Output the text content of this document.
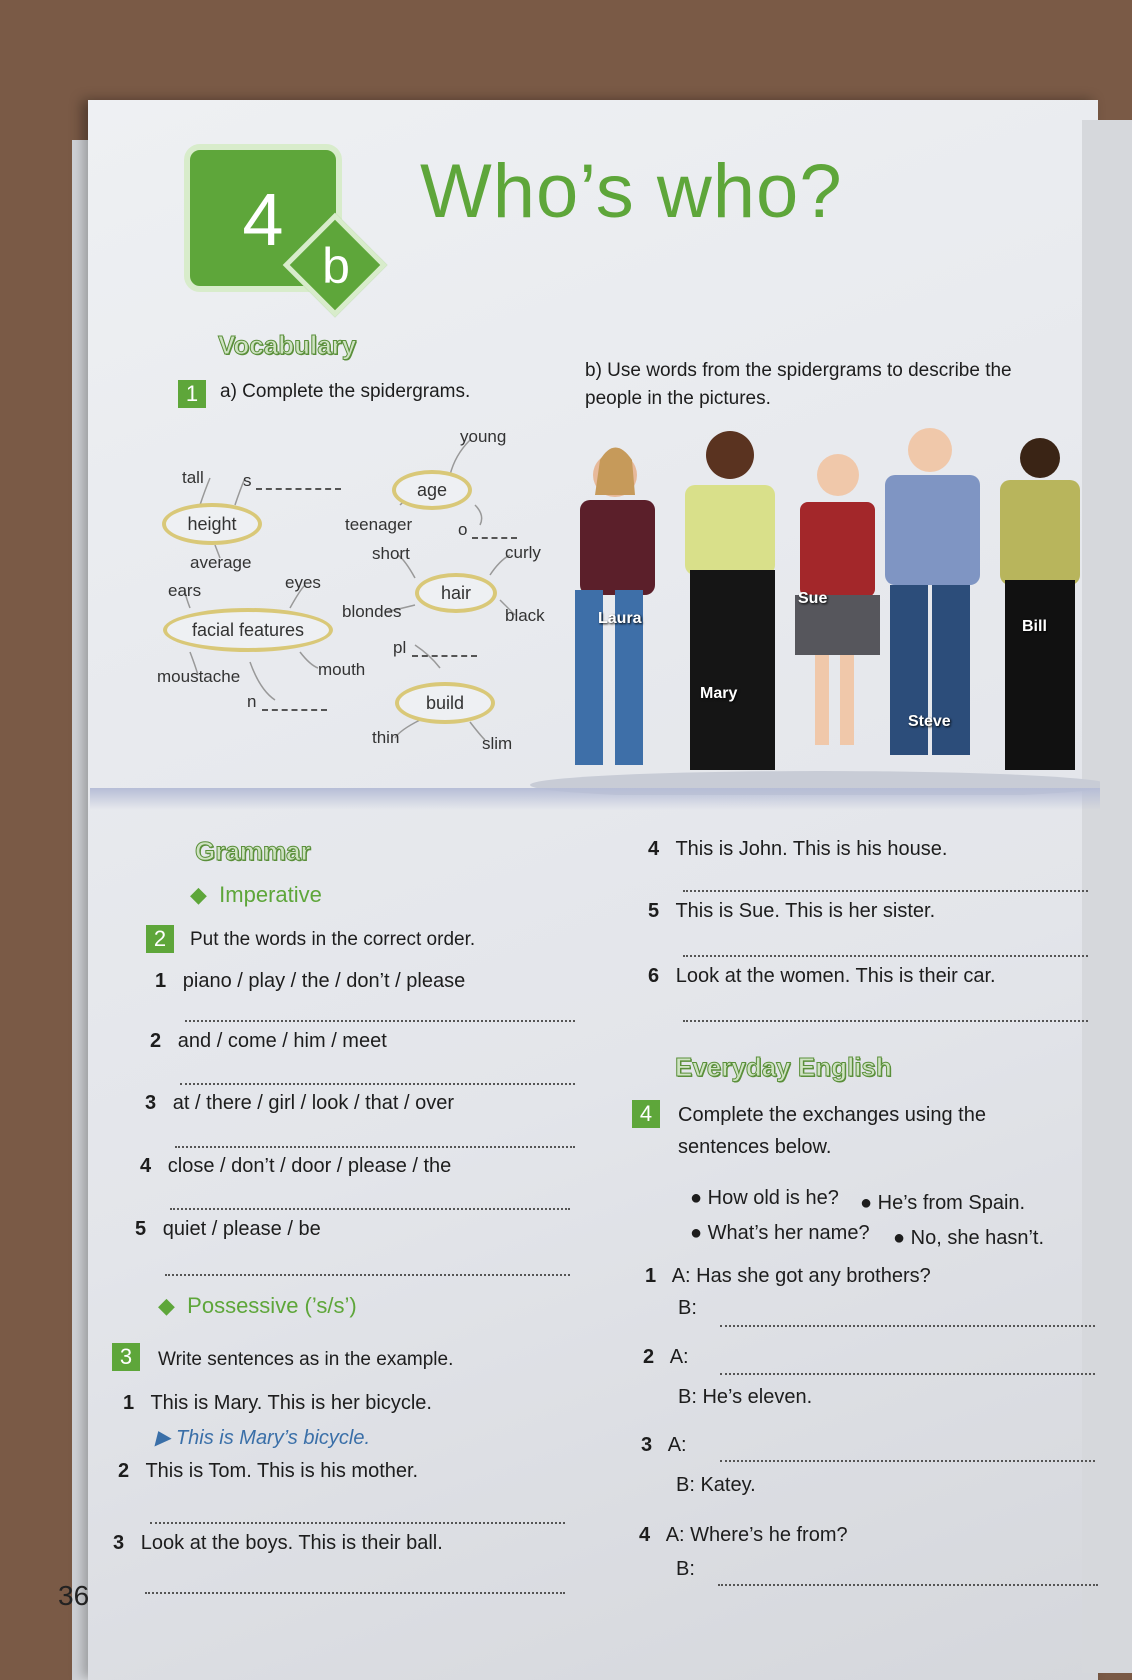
4
b
Who’s who?
Vocabulary
1	a) Complete the spidergrams.
b) Use words from the spidergrams to describe the
people in the pictures.
height
tall s
average
age
young
teenager	o
hair
short	curly
blondes	black
facial features
ears	eyes
moustache	mouth
n
pl
build
thin	slim
Laura
Mary
Sue
Steve
Bill
Grammar
◆  Imperative
2	Put the words in the correct order.
1 piano / play / the / don’t / please
2 and / come / him / meet
3 at / there / girl / look / that / over
4 close / don’t / door / please / the
5 quiet / please / be
◆  Possessive (’s/s’)
3	Write sentences as in the example.
1 This is Mary. This is her bicycle.
▶ This is Mary’s bicycle.
2 This is Tom. This is his mother.
3 Look at the boys. This is their ball.
4 This is John. This is his house.
5 This is Sue. This is her sister.
6 Look at the women. This is their car.
Everyday English
4	Complete the exchanges using the
sentences below.
● How old is he? ● He’s from Spain.
● What’s her name? ● No, she hasn’t.
1 A: Has she got any brothers?
B:
2 A:
B: He’s eleven.
3 A:
B: Katey.
4 A: Where’s he from?
B:
36
